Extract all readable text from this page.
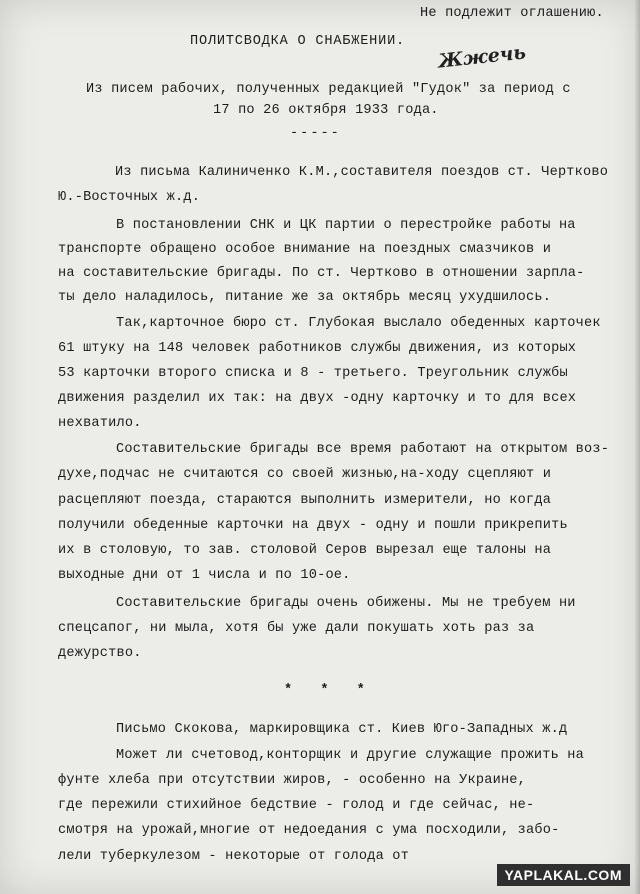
Не подлежит оглашению.
ПОЛИТСВОДКА О СНАБЖЕНИИ. Жжечь
Из писем рабочих, полученных редакцией "Гудок" за период с
17 по 26 октября 1933 года.
-----
Из письма Калиниченко К.М.,составителя поездов ст. Чертково
Ю.-Восточных ж.д.
В постановлении СНК и ЦК партии о перестройке работы на
транспорте обращено особое внимание на поездных смазчиков и
на составительские бригады. По ст. Чертково в отношении зарпла-
ты дело наладилось, питание же за октябрь месяц ухудшилось.
Так,карточное бюро ст. Глубокая выслало обеденных карточек
61 штуку на 148 человек работников службы движения, из которых
53 карточки второго списка и 8 - третьего. Треугольник службы
движения разделил их так: на двух -одну карточку и то для всех
нехватило.
Составительские бригады все время работают на открытом воз-
духе,подчас не считаются со своей жизнью,на-ходу сцепляют и
расцепляют поезда, стараются выполнить измерители, но когда
получили обеденные карточки на двух - одну и пошли прикрепить
их в столовую, то зав. столовой Серов вырезал еще талоны на
выходные дни от 1 числа и по 10-ое.
Составительские бригады очень обижены. Мы не требуем ни
спецсапог, ни мыла, хотя бы уже дали покушать хоть раз за
дежурство.
* * *
Письмо Скокова, маркировщика ст. Киев Юго-Западных ж.д
Может ли счетовод,конторщик и другие служащие прожить на
фунте хлеба при отсутствии жиров, - особенно на Украине,
где пережили стихийное бедствие - голод и где сейчас, не-
смотря на урожай,многие от недоедания с ума посходили, забо-
лели туберкулезом - некоторые от голода от
YAPLAKAL.COM
